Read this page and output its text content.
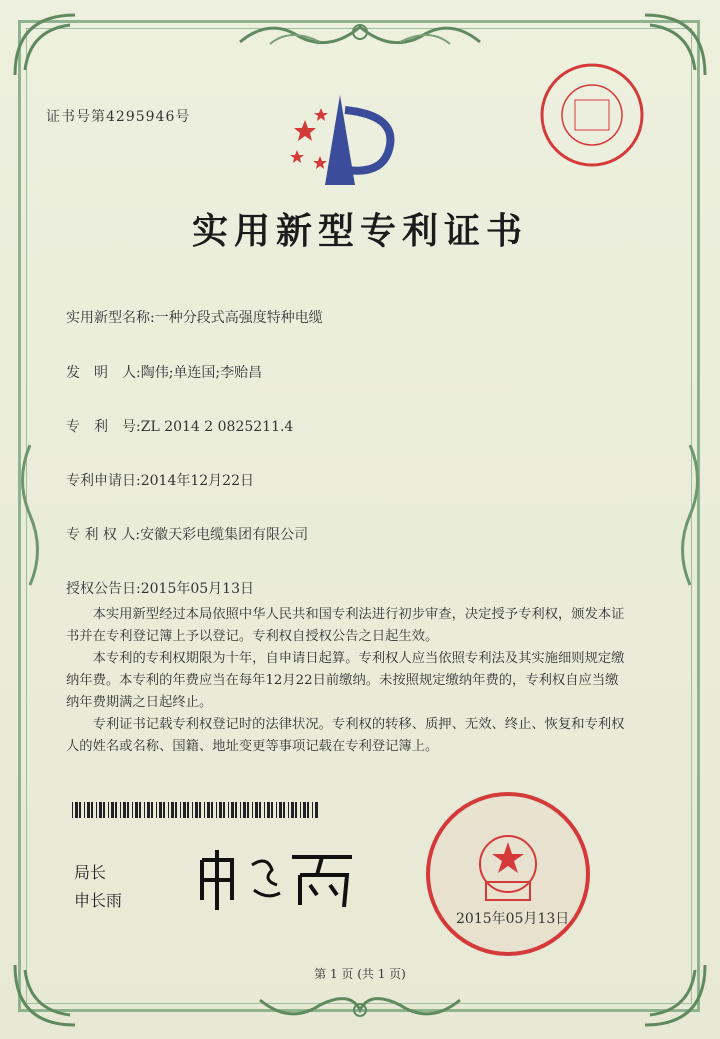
证书号第4295946号
实用新型专利证书
实用新型名称:一种分段式高强度特种电缆
发　明　人:陶伟;单连国;李贻昌
专　利　号:ZL 2014 2 0825211.4
专利申请日:2014年12月22日
专 利 权 人:安徽天彩电缆集团有限公司
授权公告日:2015年05月13日

本实用新型经过本局依照中华人民共和国专利法进行初步审查，决定授予专利权，颁发本证书并在专利登记簿上予以登记。专利权自授权公告之日起生效。

本专利的专利权期限为十年，自申请日起算。专利权人应当依照专利法及其实施细则规定缴纳年费。本专利的年费应当在每年12月22日前缴纳。未按照规定缴纳年费的，专利权自应当缴纳年费期满之日起终止。

专利证书记载专利权登记时的法律状况。专利权的转移、质押、无效、终止、恢复和专利权人的姓名或名称、国籍、地址变更等事项记载在专利登记簿上。

局长
申长雨
2015年05月13日
第 1 页 (共 1 页)
